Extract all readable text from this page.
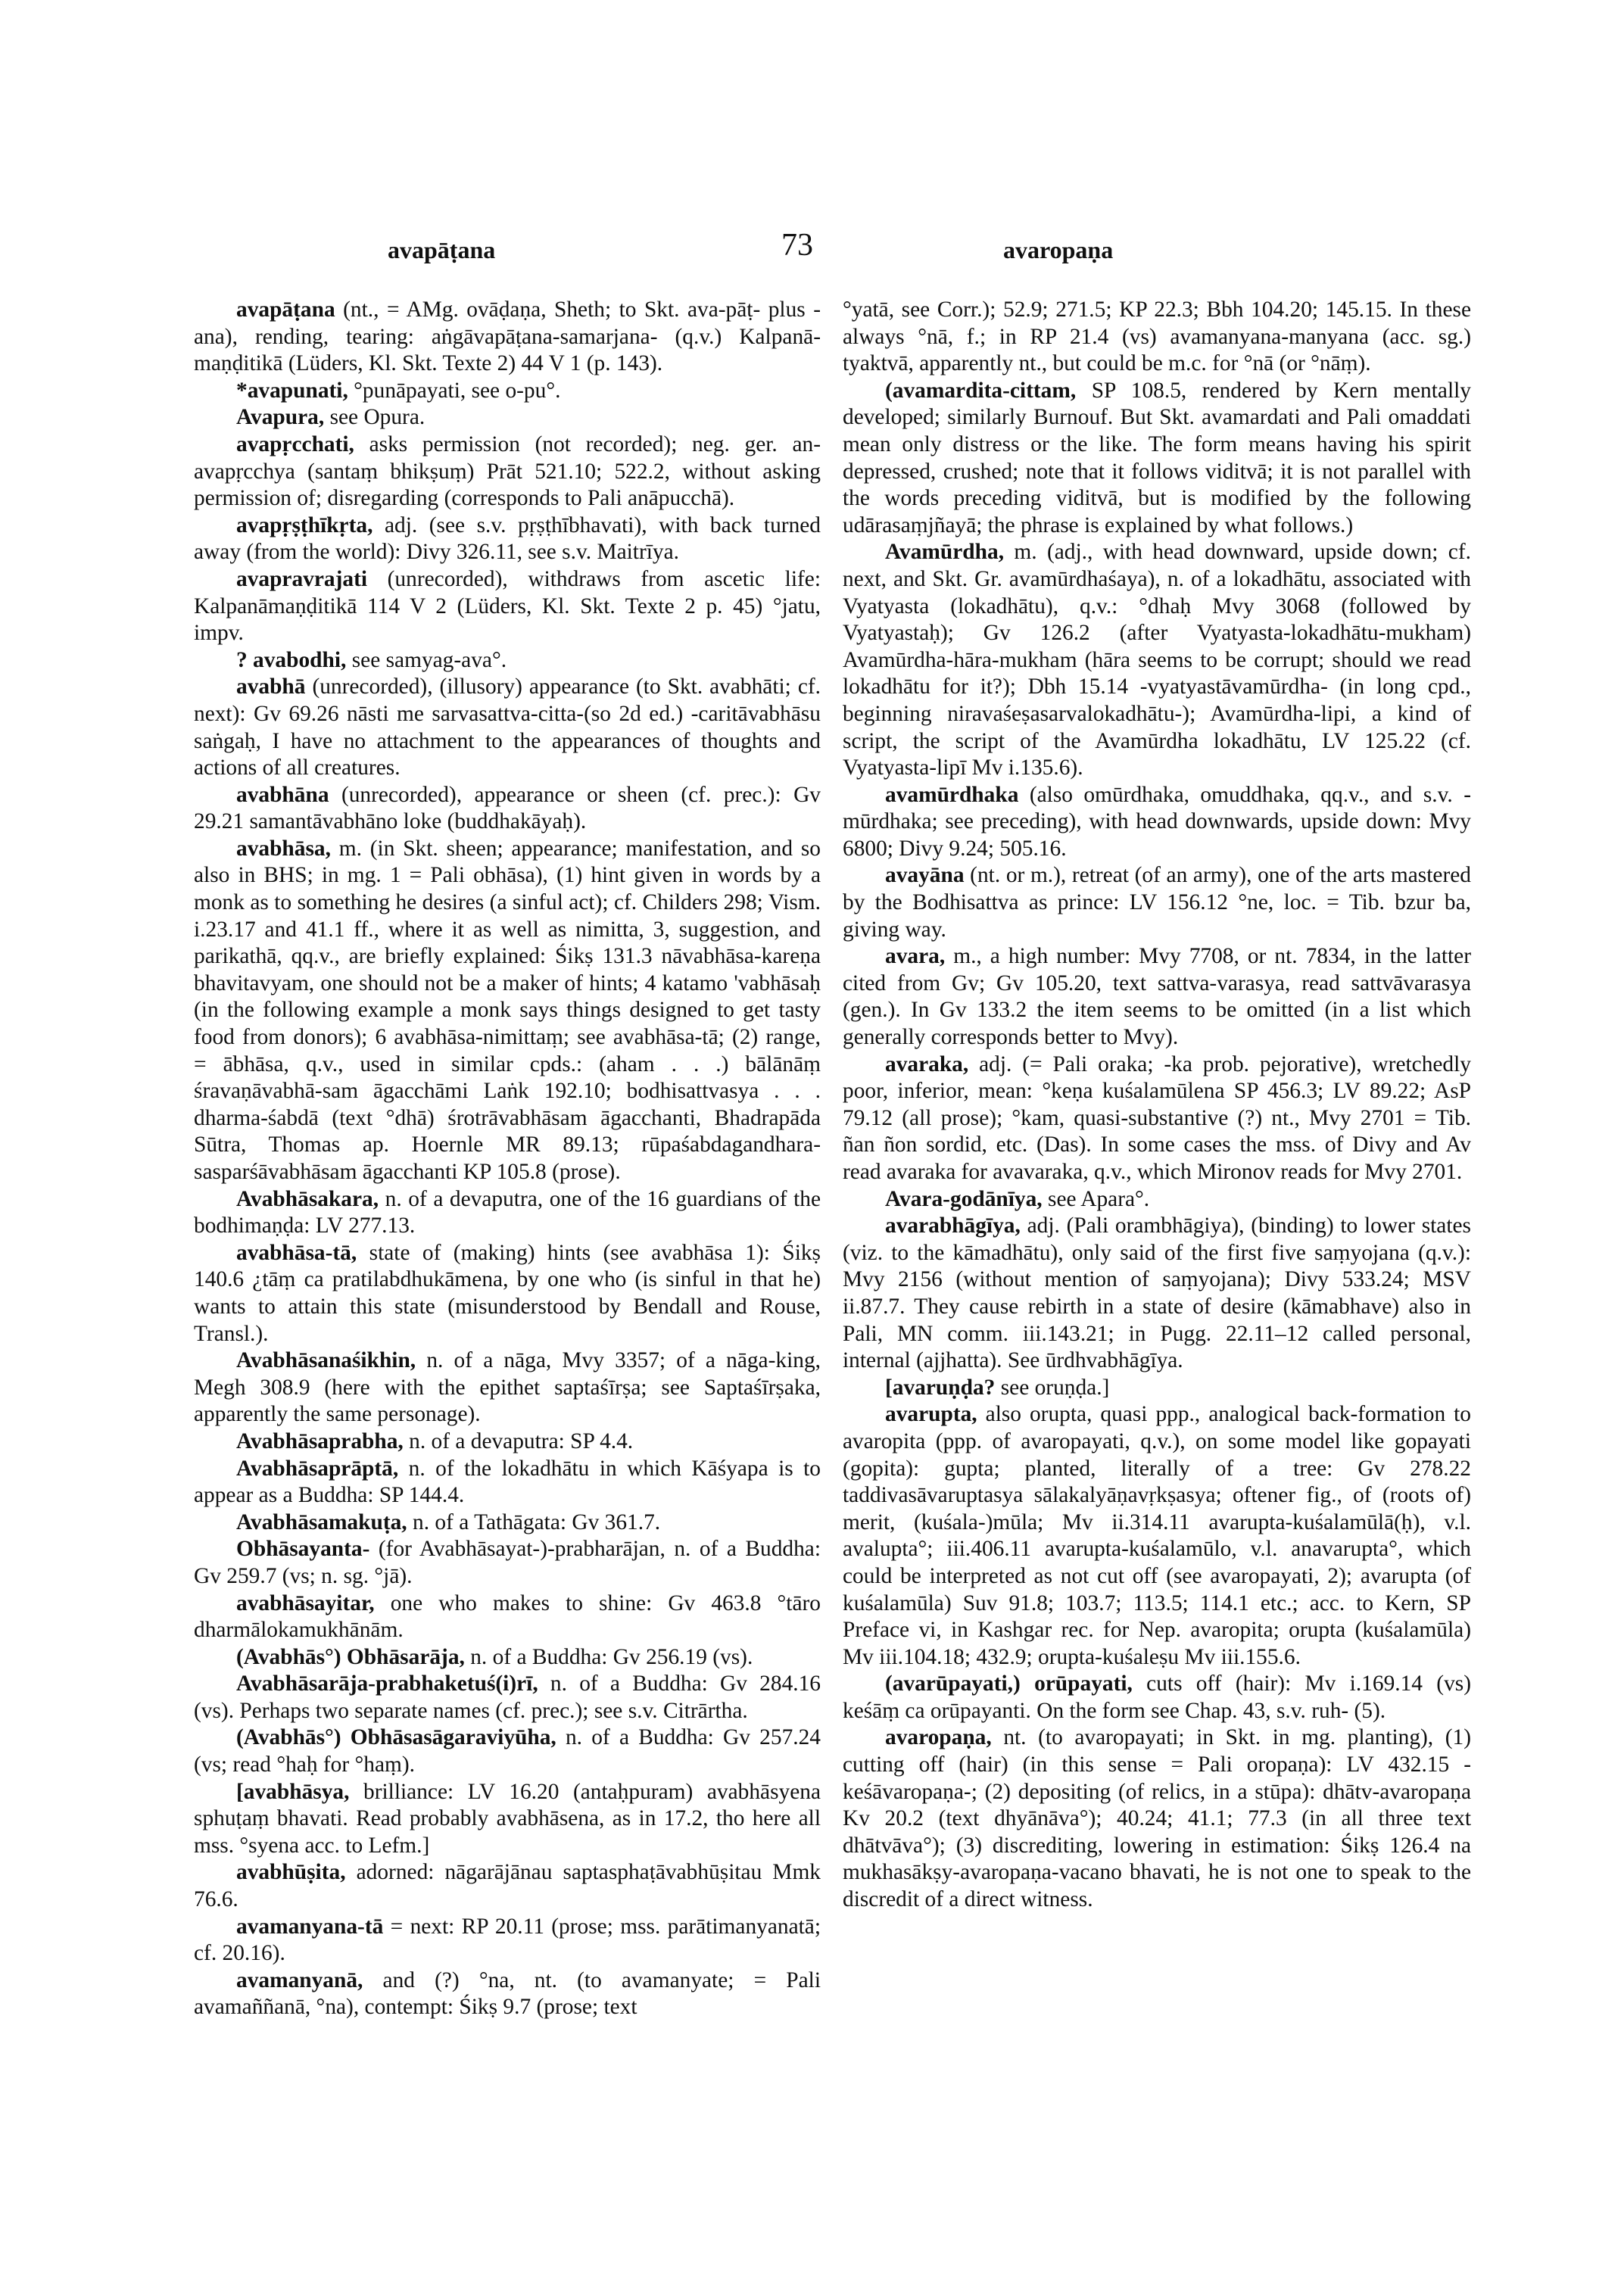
avapāṭana	73	avaropaṇa

avapāṭana (nt., = AMg. ovāḍaṇa, Sheth; to Skt. ava-pāṭ- plus -ana), rending, tearing: aṅgāvapāṭana-samarjana- (q.v.) Kalpanā-maṇḍitikā (Lüders, Kl. Skt. Texte 2) 44 V 1 (p. 143).

*avapunati, °punāpayati, see o-pu°.

Avapura, see Opura.

avapṛcchati, asks permission (not recorded); neg. ger. an-avapṛcchya (santaṃ bhikṣuṃ) Prāt 521.10; 522.2, without asking permission of; disregarding (corresponds to Pali anāpucchā).

avapṛṣṭhīkṛta, adj. (see s.v. pṛṣṭhībhavati), with back turned away (from the world): Divy 326.11, see s.v. Maitrīya.

avapravrajati (unrecorded), withdraws from ascetic life: Kalpanāmaṇḍitikā 114 V 2 (Lüders, Kl. Skt. Texte 2 p. 45) °jatu, impv.

? avabodhi, see samyag-ava°.

avabhā (unrecorded), (illusory) appearance (to Skt. avabhāti; cf. next): Gv 69.26 nāsti me sarvasattva-citta-(so 2d ed.) -caritāvabhāsu saṅgaḥ, I have no attachment to the appearances of thoughts and actions of all creatures.

avabhāna (unrecorded), appearance or sheen (cf. prec.): Gv 29.21 samantāvabhāno loke (buddhakāyaḥ).

avabhāsa, m. (in Skt. sheen; appearance; manifestation, and so also in BHS; in mg. 1 = Pali obhāsa), (1) hint given in words by a monk as to something he desires (a sinful act); cf. Childers 298; Vism. i.23.17 and 41.1 ff., where it as well as nimitta, 3, suggestion, and parikathā, qq.v., are briefly explained: Śikṣ 131.3 nāvabhāsa-kareṇa bhavitavyam, one should not be a maker of hints; 4 katamo 'vabhāsaḥ (in the following example a monk says things designed to get tasty food from donors); 6 avabhāsa-nimittaṃ; see avabhāsa-tā; (2) range, = ābhāsa, q.v., used in similar cpds.: (aham . . .) bālānāṃ śravaṇāvabhā-sam āgacchāmi Laṅk 192.10; bodhisattvasya . . . dharma-śabdā (text °dhā) śrotrāvabhāsam āgacchanti, Bhadrapāda Sūtra, Thomas ap. Hoernle MR 89.13; rūpaśabdagandhara-sasparśāvabhāsam āgacchanti KP 105.8 (prose).

Avabhāsakara, n. of a devaputra, one of the 16 guardians of the bodhimaṇḍa: LV 277.13.

avabhāsa-tā, state of (making) hints (see avabhāsa 1): Śikṣ 140.6 ¿tāṃ ca pratilabdhukāmena, by one who (is sinful in that he) wants to attain this state (misunderstood by Bendall and Rouse, Transl.).

Avabhāsanaśikhin, n. of a nāga, Mvy 3357; of a nāga-king, Megh 308.9 (here with the epithet saptaśīrṣa; see Saptaśīrṣaka, apparently the same personage).

Avabhāsaprabha, n. of a devaputra: SP 4.4.

Avabhāsaprāptā, n. of the lokadhātu in which Kāśyapa is to appear as a Buddha: SP 144.4.

Avabhāsamakuṭa, n. of a Tathāgata: Gv 361.7.

Obhāsayanta- (for Avabhāsayat-)-prabharājan, n. of a Buddha: Gv 259.7 (vs; n. sg. °jā).

avabhāsayitar, one who makes to shine: Gv 463.8 °tāro dharmālokamukhānām.

(Avabhās°) Obhāsarāja, n. of a Buddha: Gv 256.19 (vs).

Avabhāsarāja-prabhaketuś(i)rī, n. of a Buddha: Gv 284.16 (vs). Perhaps two separate names (cf. prec.); see s.v. Citrārtha.

(Avabhās°) Obhāsasāgaraviyūha, n. of a Buddha: Gv 257.24 (vs; read °haḥ for °haṃ).

[avabhāsya, brilliance: LV 16.20 (antaḥpuram) avabhāsyena sphuṭaṃ bhavati. Read probably avabhāsena, as in 17.2, tho here all mss. °syena acc. to Lefm.]

avabhūṣita, adorned: nāgarājānau saptasphaṭāvabhūṣitau Mmk 76.6.

avamanyana-tā = next: RP 20.11 (prose; mss. parātimanyanatā; cf. 20.16).

avamanyanā, and (?) °na, nt. (to avamanyate; = Pali avamaññanā, °na), contempt: Śikṣ 9.7 (prose; text

°yatā, see Corr.); 52.9; 271.5; KP 22.3; Bbh 104.20; 145.15. In these always °nā, f.; in RP 21.4 (vs) avamanyana-manyana (acc. sg.) tyaktvā, apparently nt., but could be m.c. for °nā (or °nāṃ).

(avamardita-cittam, SP 108.5, rendered by Kern mentally developed; similarly Burnouf. But Skt. avamardati and Pali omaddati mean only distress or the like. The form means having his spirit depressed, crushed; note that it follows viditvā; it is not parallel with the words preceding viditvā, but is modified by the following udārasaṃjñayā; the phrase is explained by what follows.)

Avamūrdha, m. (adj., with head downward, upside down; cf. next, and Skt. Gr. avamūrdhaśaya), n. of a lokadhātu, associated with Vyatyasta (lokadhātu), q.v.: °dhaḥ Mvy 3068 (followed by Vyatyastaḥ); Gv 126.2 (after Vyatyasta-lokadhātu-mukham) Avamūrdha-hāra-mukham (hāra seems to be corrupt; should we read lokadhātu for it?); Dbh 15.14 -vyatyastāvamūrdha- (in long cpd., beginning niravaśeṣasarvalokadhātu-); Avamūrdha-lipi, a kind of script, the script of the Avamūrdha lokadhātu, LV 125.22 (cf. Vyatyasta-lipī Mv i.135.6).

avamūrdhaka (also omūrdhaka, omuddhaka, qq.v., and s.v. -mūrdhaka; see preceding), with head downwards, upside down: Mvy 6800; Divy 9.24; 505.16.

avayāna (nt. or m.), retreat (of an army), one of the arts mastered by the Bodhisattva as prince: LV 156.12 °ne, loc. = Tib. bzur ba, giving way.

avara, m., a high number: Mvy 7708, or nt. 7834, in the latter cited from Gv; Gv 105.20, text sattva-varasya, read sattvāvarasya (gen.). In Gv 133.2 the item seems to be omitted (in a list which generally corresponds better to Mvy).

avaraka, adj. (= Pali oraka; -ka prob. pejorative), wretchedly poor, inferior, mean: °keṇa kuśalamūlena SP 456.3; LV 89.22; AsP 79.12 (all prose); °kam, quasi-substantive (?) nt., Mvy 2701 = Tib. ñan ñon sordid, etc. (Das). In some cases the mss. of Divy and Av read avaraka for avavaraka, q.v., which Mironov reads for Mvy 2701.

Avara-godānīya, see Apara°.

avarabhāgīya, adj. (Pali orambhāgiya), (binding) to lower states (viz. to the kāmadhātu), only said of the first five saṃyojana (q.v.): Mvy 2156 (without mention of saṃyojana); Divy 533.24; MSV ii.87.7. They cause rebirth in a state of desire (kāmabhave) also in Pali, MN comm. iii.143.21; in Pugg. 22.11–12 called personal, internal (ajjhatta). See ūrdhvabhāgīya.

[avaruṇḍa? see oruṇḍa.]

avarupta, also orupta, quasi ppp., analogical back-formation to avaropita (ppp. of avaropayati, q.v.), on some model like gopayati (gopita): gupta; planted, literally of a tree: Gv 278.22 taddivasāvaruptasya sālakalyāṇavṛkṣasya; oftener fig., of (roots of) merit, (kuśala-)mūla; Mv ii.314.11 avarupta-kuśalamūlā(ḥ), v.l. avalupta°; iii.406.11 avarupta-kuśalamūlo, v.l. anavarupta°, which could be interpreted as not cut off (see avaropayati, 2); avarupta (of kuśalamūla) Suv 91.8; 103.7; 113.5; 114.1 etc.; acc. to Kern, SP Preface vi, in Kashgar rec. for Nep. avaropita; orupta (kuśalamūla) Mv iii.104.18; 432.9; orupta-kuśaleṣu Mv iii.155.6.

(avarūpayati,) orūpayati, cuts off (hair): Mv i.169.14 (vs) keśāṃ ca orūpayanti. On the form see Chap. 43, s.v. ruh- (5).

avaropaṇa, nt. (to avaropayati; in Skt. in mg. planting), (1) cutting off (hair) (in this sense = Pali oropaṇa): LV 432.15 -keśāvaropaṇa-; (2) depositing (of relics, in a stūpa): dhātv-avaropaṇa Kv 20.2 (text dhyānāva°); 40.24; 41.1; 77.3 (in all three text dhātvāva°); (3) discrediting, lowering in estimation: Śikṣ 126.4 na mukhasākṣy-avaropaṇa-vacano bhavati, he is not one to speak to the discredit of a direct witness.
